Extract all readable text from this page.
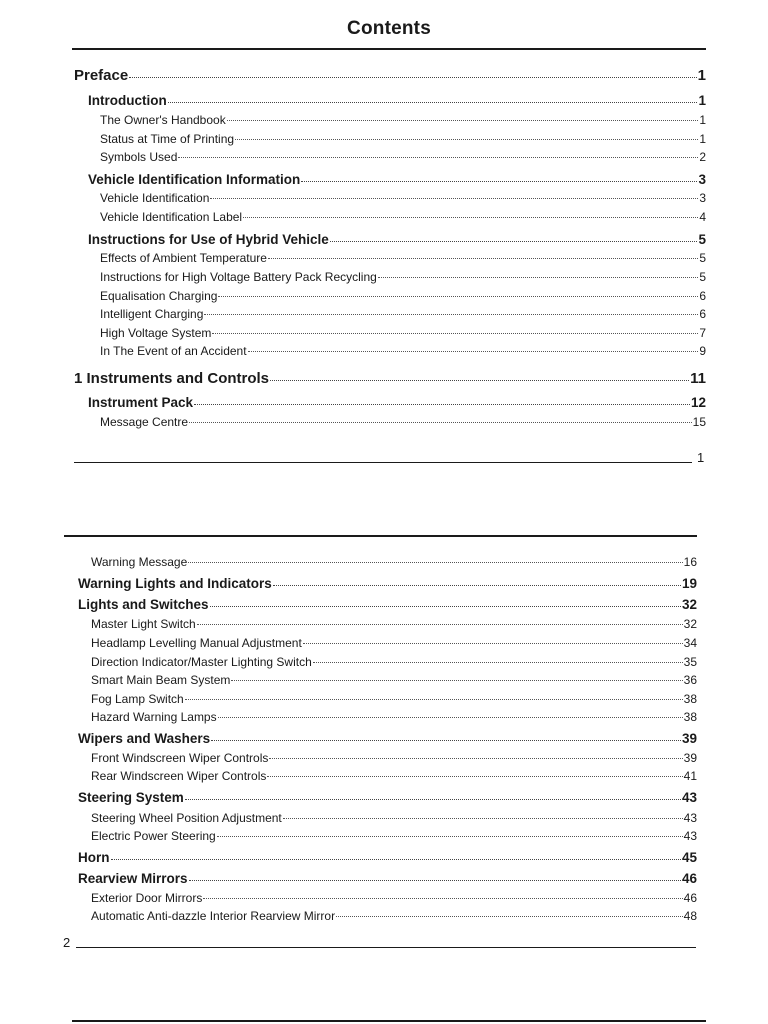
Contents
Preface	1
Introduction	1
The Owner's Handbook	1
Status at Time of Printing	1
Symbols Used	2
Vehicle Identification Information	3
Vehicle Identification	3
Vehicle Identification Label	4
Instructions for Use of Hybrid Vehicle	5
Effects of Ambient Temperature	5
Instructions for High Voltage Battery Pack Recycling	5
Equalisation Charging	6
Intelligent Charging	6
High Voltage System	7
In The Event of an Accident	9
1 Instruments and Controls	11
Instrument Pack	12
Message Centre	15
1
Warning Message	16
Warning Lights and Indicators	19
Lights and Switches	32
Master Light Switch	32
Headlamp Levelling Manual Adjustment	34
Direction Indicator/Master Lighting Switch	35
Smart Main Beam System	36
Fog Lamp Switch	38
Hazard Warning Lamps	38
Wipers and Washers	39
Front Windscreen Wiper Controls	39
Rear Windscreen Wiper Controls	41
Steering System	43
Steering Wheel Position Adjustment	43
Electric Power Steering	43
Horn	45
Rearview Mirrors	46
Exterior Door Mirrors	46
Automatic Anti-dazzle Interior Rearview Mirror	48
2
